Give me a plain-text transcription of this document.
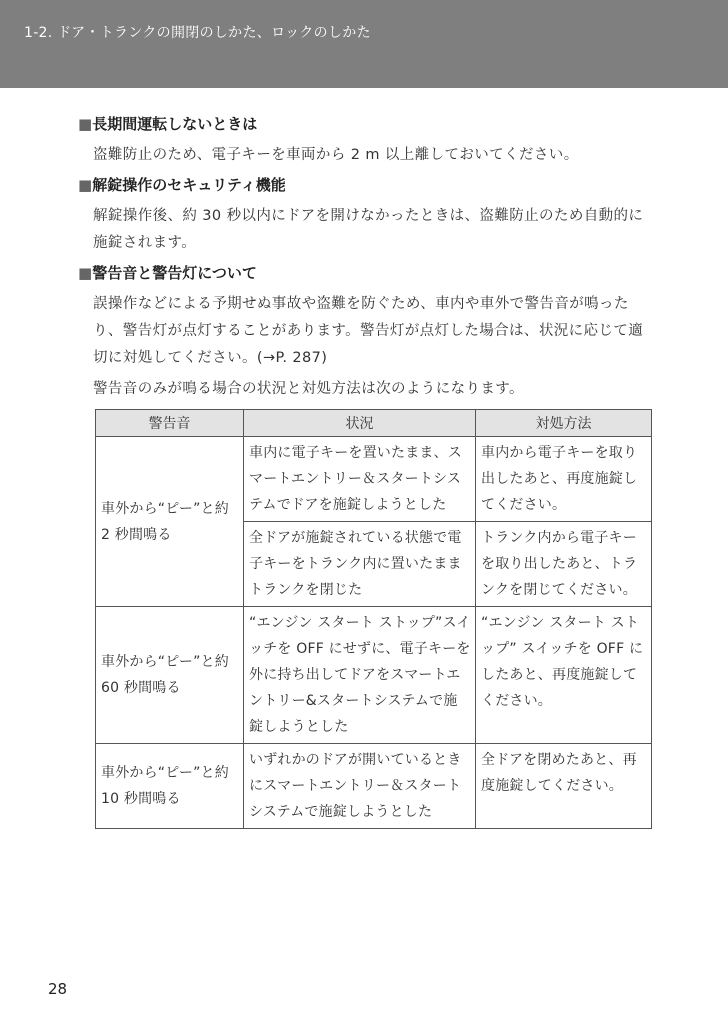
1-2. ドア・トランクの開閉のしかた、ロックのしかた
■長期間運転しないときは

盗難防止のため、電子キーを車両から 2 m 以上離しておいてください。

■解錠操作のセキュリティ機能

解錠操作後、約 30 秒以内にドアを開けなかったときは、盗難防止のため自動的に施錠されます。

■警告音と警告灯について

誤操作などによる予期せぬ事故や盗難を防ぐため、車内や車外で警告音が鳴ったり、警告灯が点灯することがあります。警告灯が点灯した場合は、状況に応じて適切に対処してください。(→P. 287)

警告音のみが鳴る場合の状況と対処方法は次のようになります。

警告音	状況	対処方法
車外から“ピー”と約 2 秒間鳴る	車内に電子キーを置いたまま、スマートエントリー＆スタートシステムでドアを施錠しようとした	車内から電子キーを取り出したあと、再度施錠してください。
	全ドアが施錠されている状態で電子キーをトランク内に置いたままトランクを閉じた	トランク内から電子キーを取り出したあと、トランクを閉じてください。
車外から“ピー”と約 60 秒間鳴る	“エンジン スタート ストップ”スイッチを OFF にせずに、電子キーを外に持ち出してドアをスマートエントリー&スタートシステムで施錠しようとした	“エンジン スタート ストップ” スイッチを OFF にしたあと、再度施錠してください。
車外から“ピー”と約 10 秒間鳴る	いずれかのドアが開いているときにスマートエントリー＆スタートシステムで施錠しようとした	全ドアを閉めたあと、再度施錠してください。
28
